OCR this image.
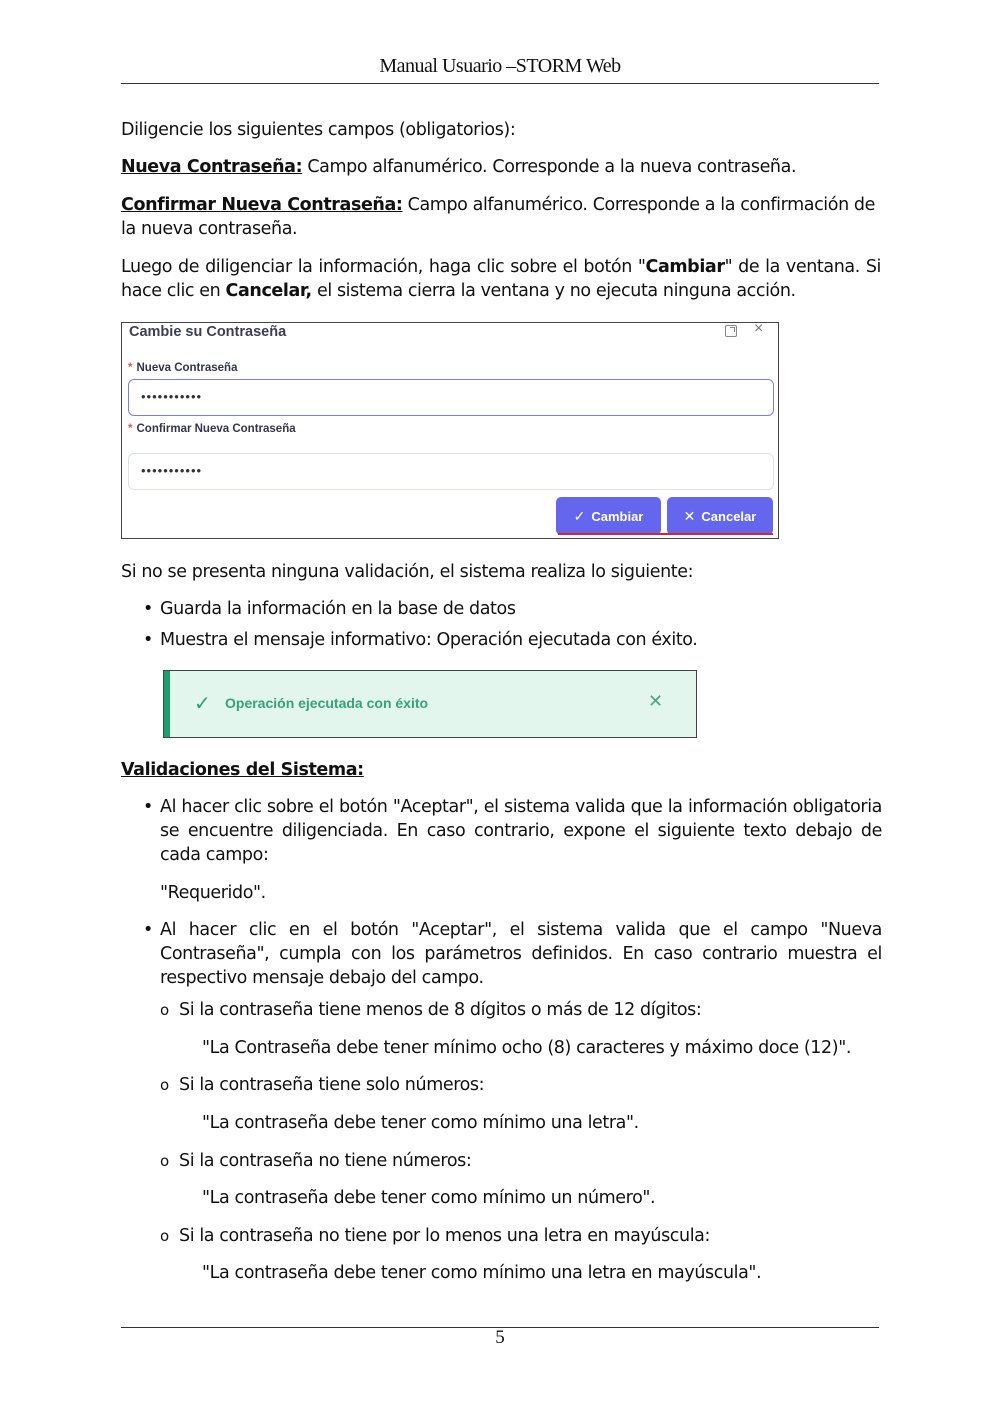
Manual Usuario –STORM Web
Diligencie los siguientes campos (obligatorios):
Nueva Contraseña: Campo alfanumérico. Corresponde a la nueva contraseña.
Confirmar Nueva Contraseña: Campo alfanumérico. Corresponde a la confirmación de la nueva contraseña.
Luego de diligenciar la información, haga clic sobre el botón "Cambiar" de la ventana. Si hace clic en Cancelar, el sistema cierra la ventana y no ejecuta ninguna acción.
Cambie su Contraseña	×
* Nueva Contraseña
•••••••••••
* Confirmar Nueva Contraseña
•••••••••••
✓ Cambiar	✕ Cancelar
Si no se presenta ninguna validación, el sistema realiza lo siguiente:
• Guarda la información en la base de datos
• Muestra el mensaje informativo: Operación ejecutada con éxito.
✓ Operación ejecutada con éxito	✕
Validaciones del Sistema:
• Al hacer clic sobre el botón "Aceptar", el sistema valida que la información obligatoria se encuentre diligenciada. En caso contrario, expone el siguiente texto debajo de cada campo:
"Requerido".
• Al hacer clic en el botón "Aceptar", el sistema valida que el campo "Nueva Contraseña", cumpla con los parámetros definidos. En caso contrario muestra el respectivo mensaje debajo del campo.
o Si la contraseña tiene menos de 8 dígitos o más de 12 dígitos:
"La Contraseña debe tener mínimo ocho (8) caracteres y máximo doce (12)".
o Si la contraseña tiene solo números:
"La contraseña debe tener como mínimo una letra".
o Si la contraseña no tiene números:
"La contraseña debe tener como mínimo un número".
o Si la contraseña no tiene por lo menos una letra en mayúscula:
"La contraseña debe tener como mínimo una letra en mayúscula".
5
